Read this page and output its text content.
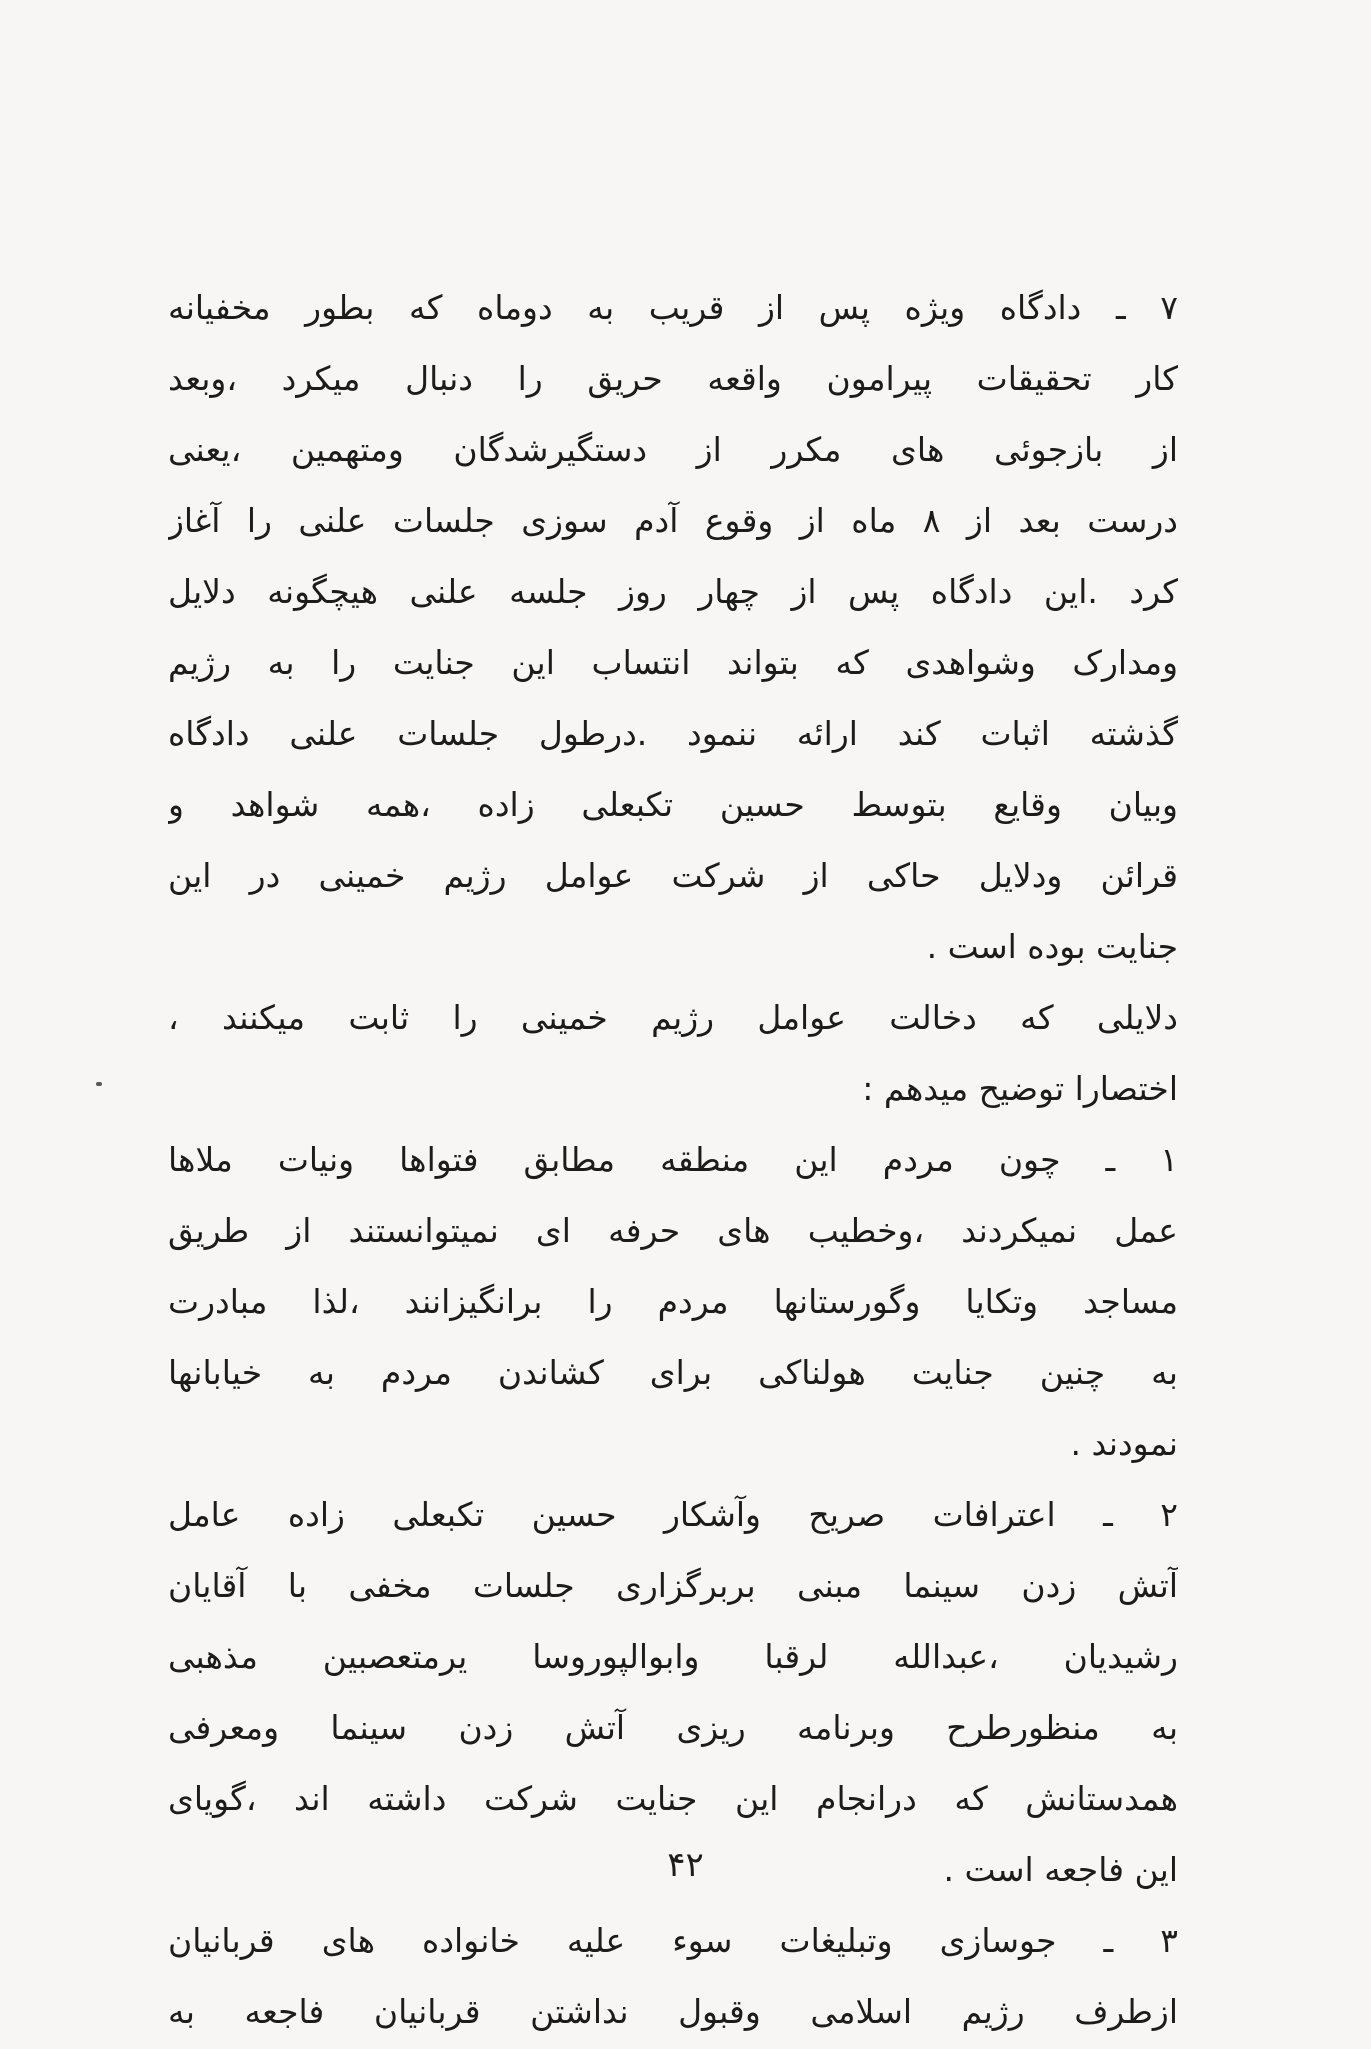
۷ ـ دادگاه ویژه پس از قریب به دوماه که بطور مخفیانه
کار تحقیقات پیرامون واقعه حریق را دنبال میکرد ،وبعد
از بازجوئی های مکرر از دستگیرشدگان ومتهمین ،یعنی
درست بعد از ۸ ماه از وقوع آدم سوزی جلسات علنی را آغاز
کرد .این دادگاه پس از چهار روز جلسه علنی هیچگونه دلایل
ومدارک وشواهدی که بتواند انتساب این جنایت را به رژیم
گذشته اثبات کند ارائه ننمود .درطول جلسات علنی دادگاه
وبیان وقایع بتوسط حسین تکبعلی زاده ،همه شواهد و
قرائن ودلایل حاکی از شرکت عوامل رژیم خمینی در این
جنایت بوده است .
دلایلی که دخالت عوامل رژیم خمینی را ثابت میکنند ،
اختصارا توضیح میدهم :
۱ ـ چون مردم این منطقه مطابق فتواها ونیات ملاها
عمل نمیکردند ،وخطیب های حرفه ای نمیتوانستند از طریق
مساجد وتکایا وگورستانها مردم را برانگیزانند ،لذا مبادرت
به چنین جنایت هولناکی برای کشاندن مردم به خیابانها
نمودند .
۲ ـ اعترافات صریح وآشکار حسین تکبعلی زاده عامل
آتش زدن سینما مبنی بربرگزاری جلسات مخفی با آقایان
رشیدیان ،عبدالله لرقبا وابوالپوروسا یرمتعصبین مذهبی
به منظورطرح وبرنامه ریزی آتش زدن سینما ومعرفی
همدستانش که درانجام این جنایت شرکت داشته اند ،گویای
این فاجعه است .
۳ ـ جوسازی وتبلیغات سوء علیه خانواده های قربانیان
ازطرف رژیم اسلامی وقبول نداشتن قربانیان فاجعه به
۴۲
